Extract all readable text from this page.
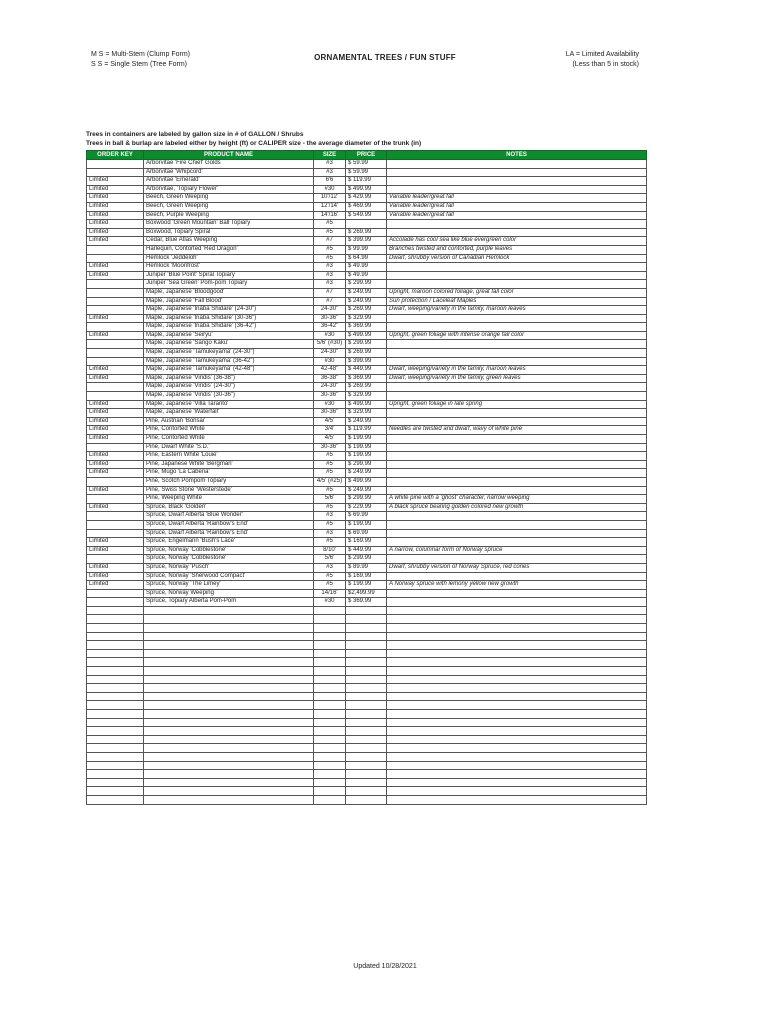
M S = Multi-Stem (Clump Form)
S S = Single Stem (Tree Form)
ORNAMENTAL TREES / FUN STUFF	LA = Limited Availability
(Less than 5 in stock)
Trees in containers are labeled by gallon size in # of GALLON / Shrubs
Trees in ball & burlap are labeled either by height (ft) or CALIPER size - the average diameter of the trunk (in)
ORDER KEY	PRODUCT NAME	SIZE	PRICE	NOTES
	Arborvitae 'Fire Chief' Golds	#3	$ 59.99	
	Arborvitae 'Whipcord'	#3	$ 59.99	
Limited	Arborvitae 'Emerald'	6'6	$ 119.99	
Limited	Arborvitae, 'Topiary Flower'	#30	$ 499.99	
Limited	Beech, Green Weeping	10'/12'	$ 429.99	Variable leader/great fall
Limited	Beech, Green Weeping	12'/14'	$ 469.99	Variable leader/great fall
Limited	Beech, Purple Weeping	14'/16'	$ 549.99	Variable leader/great fall
Limited	Boxwood 'Green Mountain' Ball Topiary	#5		
Limited	Boxwood, Topiary Spiral	#5	$ 269.99	
Limited	Cedar, Blue Atlas Weeping	#7	$ 399.99	Accolade has cool sea like blue evergreen color
	Harlequin, Contorted 'Red Dragon'	#5	$ 99.99	Branches twisted and contorted, purple leaves
	Hemlock 'Jeddeloh'	#5	$ 64.99	Dwarf, shrubby version of Canadian Hemlock
Limited	Hemlock 'Moonfrost'	#3	$ 49.99	
Limited	Juniper 'Blue Point' Spiral Topiary	#3	$ 49.99	
	Juniper 'Sea Green' Pom-pom Topiary	#3	$ 299.99	
	Maple, Japanese 'Bloodgood'	#7	$ 249.99	Upright, maroon colored foliage, great fall color
	Maple, Japanese 'Fall Blood'	#7	$ 249.99	Sun protection / Laceleaf Maples
	Maple, Japanese 'Inaba Shidare' (24-30")	24-30"	$ 269.99	Dwarf, weeping/variety in the family, maroon leaves
Limited	Maple, Japanese 'Inaba Shidare' (30-36")	30-36"	$ 329.99	
	Maple, Japanese 'Inaba Shidare' (36-42")	36-42"	$ 369.99	
Limited	Maple, Japanese 'Seiryu'	#30	$ 499.99	Upright, green foliage with intense orange fall color
	Maple, Japanese 'Sango Kaku'	5/6' (#30)	$ 299.99	
	Maple, Japanese 'Tamukeyama' (24-30")	24-30"	$ 269.99	
	Maple, Japanese 'Tamukeyama' (36-42")	#30	$ 399.99	
Limited	Maple, Japanese 'Tamukeyama' (42-48")	42-48"	$ 449.99	Dwarf, weeping/variety in the family, maroon leaves
Limited	Maple, Japanese 'Viridis' (36-38")	36-38"	$ 369.99	Dwarf, weeping/variety in the family, green leaves
	Maple, Japanese 'Viridis' (24-30")	24-30"	$ 269.99	
	Maple, Japanese 'Viridis' (30-36")	30-36"	$ 329.99	
Limited	Maple, Japanese 'Villa Taranto'	#30	$ 499.99	Upright, green foliage in late spring
Limited	Maple, Japanese 'Waterfall'	30-36"	$ 329.99	
Limited	Pine, Austrian 'Bonsai'	4/5'	$ 249.99	
Limited	Pine, Contorted White	3/4'	$ 119.99	Needles are twisted and dwarf, wavy of white pine
Limited	Pine, Contorted White	4/5'	$ 199.99	
	Pine, Dwarf White 'S.D.'	30-36"	$ 199.99	
Limited	Pine, Eastern White 'Louie'	#5	$ 199.99	
Limited	Pine, Japanese White 'Bergman'	#5	$ 299.99	
Limited	Pine, Mugo 'La Cabena'	#5	$ 249.99	
	Pine, Scotch Pompom Topiary	4/5' (#25)	$ 499.99	
Limited	Pine, Swiss Stone 'Westerstede'	#5	$ 249.99	
	Pine, Weeping White	5/6'	$ 299.99	A white pine with a 'ghost' character, narrow weeping
Limited	Spruce, Black 'Golden'	#5	$ 229.99	A black spruce bearing golden colored new growth
	Spruce, Dwarf Alberta 'Blue Wonder'	#3	$ 69.99	
	Spruce, Dwarf Alberta 'Rainbow's End'	#5	$ 199.99	
	Spruce, Dwarf Alberta 'Rainbow's End'	#3	$ 69.99	
Limited	Spruce, Engelmann 'Bush's Lace'	#5	$ 169.99	
Limited	Spruce, Norway 'Cobblestone'	8/10'	$ 449.99	A narrow, columnar form of Norway spruce
	Spruce, Norway 'Cobblestone'	5/6'	$ 299.99	
Limited	Spruce, Norway 'Pusch'	#3	$ 89.99	Dwarf, shrubby version of Norway Spruce, red cones
Limited	Spruce, Norway 'Sherwood Compact'	#5	$ 169.99	
Limited	Spruce, Norway 'The Limey'	#5	$ 199.99	A Norway spruce with lemony yellow new growth
	Spruce, Norway Weeping	14/16'	$2,499.99	
	Spruce, Topiary Alberta Pom-Pom	#30	$ 369.99	

Updated 10/28/2021
